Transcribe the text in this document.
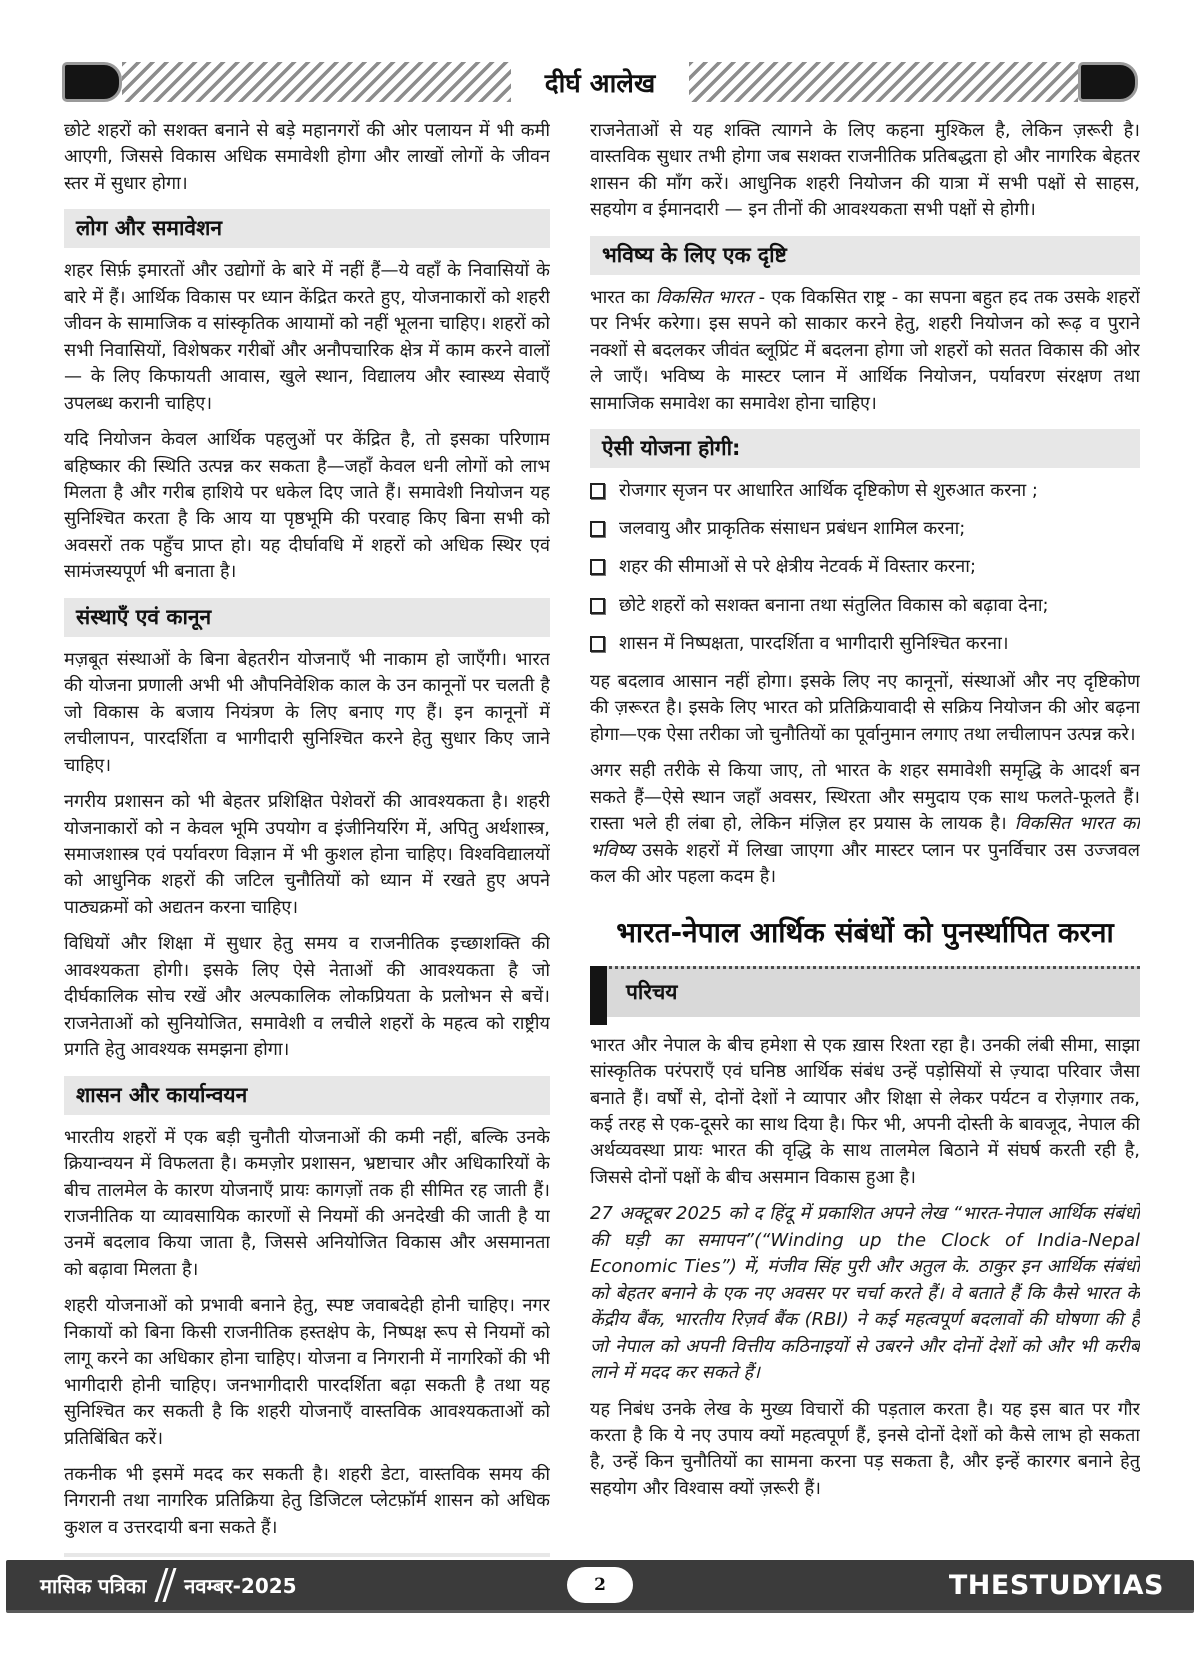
दीर्घ आलेख

छोटे शहरों को सशक्त बनाने से बड़े महानगरों की ओर पलायन में भी कमी आएगी, जिससे विकास अधिक समावेशी होगा और लाखों लोगों के जीवन स्तर में सुधार होगा।

लोग और समावेशन

शहर सिर्फ़ इमारतों और उद्योगों के बारे में नहीं हैं—ये वहाँ के निवासियों के बारे में हैं। आर्थिक विकास पर ध्यान केंद्रित करते हुए, योजनाकारों को शहरी जीवन के सामाजिक व सांस्कृतिक आयामों को नहीं भूलना चाहिए। शहरों को सभी निवासियों, विशेषकर गरीबों और अनौपचारिक क्षेत्र में काम करने वालों — के लिए किफायती आवास, खुले स्थान, विद्यालय और स्वास्थ्य सेवाएँ उपलब्ध करानी चाहिए।

यदि नियोजन केवल आर्थिक पहलुओं पर केंद्रित है, तो इसका परिणाम बहिष्कार की स्थिति उत्पन्न कर सकता है—जहाँ केवल धनी लोगों को लाभ मिलता है और गरीब हाशिये पर धकेल दिए जाते हैं। समावेशी नियोजन यह सुनिश्चित करता है कि आय या पृष्ठभूमि की परवाह किए बिना सभी को अवसरों तक पहुँच प्राप्त हो। यह दीर्घावधि में शहरों को अधिक स्थिर एवं सामंजस्यपूर्ण भी बनाता है।

संस्थाएँ एवं कानून

मज़बूत संस्थाओं के बिना बेहतरीन योजनाएँ भी नाकाम हो जाएँगी। भारत की योजना प्रणाली अभी भी औपनिवेशिक काल के उन कानूनों पर चलती है जो विकास के बजाय नियंत्रण के लिए बनाए गए हैं। इन कानूनों में लचीलापन, पारदर्शिता व भागीदारी सुनिश्चित करने हेतु सुधार किए जाने चाहिए।

नगरीय प्रशासन को भी बेहतर प्रशिक्षित पेशेवरों की आवश्यकता है। शहरी योजनाकारों को न केवल भूमि उपयोग व इंजीनियरिंग में, अपितु अर्थशास्त्र, समाजशास्त्र एवं पर्यावरण विज्ञान में भी कुशल होना चाहिए। विश्वविद्यालयों को आधुनिक शहरों की जटिल चुनौतियों को ध्यान में रखते हुए अपने पाठ्यक्रमों को अद्यतन करना चाहिए।

विधियों और शिक्षा में सुधार हेतु समय व राजनीतिक इच्छाशक्ति की आवश्यकता होगी। इसके लिए ऐसे नेताओं की आवश्यकता है जो दीर्घकालिक सोच रखें और अल्पकालिक लोकप्रियता के प्रलोभन से बचें। राजनेताओं को सुनियोजित, समावेशी व लचीले शहरों के महत्व को राष्ट्रीय प्रगति हेतु आवश्यक समझना होगा।

शासन और कार्यान्वयन

भारतीय शहरों में एक बड़ी चुनौती योजनाओं की कमी नहीं, बल्कि उनके क्रियान्वयन में विफलता है। कमज़ोर प्रशासन, भ्रष्टाचार और अधिकारियों के बीच तालमेल के कारण योजनाएँ प्रायः कागज़ों तक ही सीमित रह जाती हैं। राजनीतिक या व्यावसायिक कारणों से नियमों की अनदेखी की जाती है या उनमें बदलाव किया जाता है, जिससे अनियोजित विकास और असमानता को बढ़ावा मिलता है।

शहरी योजनाओं को प्रभावी बनाने हेतु, स्पष्ट जवाबदेही होनी चाहिए। नगर निकायों को बिना किसी राजनीतिक हस्तक्षेप के, निष्पक्ष रूप से नियमों को लागू करने का अधिकार होना चाहिए। योजना व निगरानी में नागरिकों की भी भागीदारी होनी चाहिए। जनभागीदारी पारदर्शिता बढ़ा सकती है तथा यह सुनिश्चित कर सकती है कि शहरी योजनाएँ वास्तविक आवश्यकताओं को प्रतिबिंबित करें।

तकनीक भी इसमें मदद कर सकती है। शहरी डेटा, वास्तविक समय की निगरानी तथा नागरिक प्रतिक्रिया हेतु डिजिटल प्लेटफ़ॉर्म शासन को अधिक कुशल व उत्तरदायी बना सकते हैं।

राजनेताओं से यह शक्ति त्यागने के लिए कहना मुश्किल है, लेकिन ज़रूरी है। वास्तविक सुधार तभी होगा जब सशक्त राजनीतिक प्रतिबद्धता हो और नागरिक बेहतर शासन की माँग करें। आधुनिक शहरी नियोजन की यात्रा में सभी पक्षों से साहस, सहयोग व ईमानदारी — इन तीनों की आवश्यकता सभी पक्षों से होगी।

भविष्य के लिए एक दृष्टि

भारत का विकसित भारत - एक विकसित राष्ट्र - का सपना बहुत हद तक उसके शहरों पर निर्भर करेगा। इस सपने को साकार करने हेतु, शहरी नियोजन को रूढ़ व पुराने नक्शों से बदलकर जीवंत ब्लूप्रिंट में बदलना होगा जो शहरों को सतत विकास की ओर ले जाएँ। भविष्य के मास्टर प्लान में आर्थिक नियोजन, पर्यावरण संरक्षण तथा सामाजिक समावेश का समावेश होना चाहिए।

ऐसी योजना होगी:
रोजगार सृजन पर आधारित आर्थिक दृष्टिकोण से शुरुआत करना ;
जलवायु और प्राकृतिक संसाधन प्रबंधन शामिल करना;
शहर की सीमाओं से परे क्षेत्रीय नेटवर्क में विस्तार करना;
छोटे शहरों को सशक्त बनाना तथा संतुलित विकास को बढ़ावा देना;
शासन में निष्पक्षता, पारदर्शिता व भागीदारी सुनिश्चित करना।

यह बदलाव आसान नहीं होगा। इसके लिए नए कानूनों, संस्थाओं और नए दृष्टिकोण की ज़रूरत है। इसके लिए भारत को प्रतिक्रियावादी से सक्रिय नियोजन की ओर बढ़ना होगा—एक ऐसा तरीका जो चुनौतियों का पूर्वानुमान लगाए तथा लचीलापन उत्पन्न करे।

अगर सही तरीके से किया जाए, तो भारत के शहर समावेशी समृद्धि के आदर्श बन सकते हैं—ऐसे स्थान जहाँ अवसर, स्थिरता और समुदाय एक साथ फलते-फूलते हैं। रास्ता भले ही लंबा हो, लेकिन मंज़िल हर प्रयास के लायक है। विकसित भारत का भविष्य उसके शहरों में लिखा जाएगा और मास्टर प्लान पर पुनर्विचार उस उज्जवल कल की ओर पहला कदम है।

भारत-नेपाल आर्थिक संबंधों को पुनर्स्थापित करना
परिचय

भारत और नेपाल के बीच हमेशा से एक ख़ास रिश्ता रहा है। उनकी लंबी सीमा, साझा सांस्कृतिक परंपराएँ एवं घनिष्ठ आर्थिक संबंध उन्हें पड़ोसियों से ज़्यादा परिवार जैसा बनाते हैं। वर्षों से, दोनों देशों ने व्यापार और शिक्षा से लेकर पर्यटन व रोज़गार तक, कई तरह से एक-दूसरे का साथ दिया है। फिर भी, अपनी दोस्ती के बावजूद, नेपाल की अर्थव्यवस्था प्रायः भारत की वृद्धि के साथ तालमेल बिठाने में संघर्ष करती रही है, जिससे दोनों पक्षों के बीच असमान विकास हुआ है।

27 अक्टूबर 2025 को द हिंदू में प्रकाशित अपने लेख “भारत-नेपाल आर्थिक संबंधों की घड़ी का समापन”(“Winding up the Clock of India-Nepal Economic Ties”) में, मंजीव सिंह पुरी और अतुल के. ठाकुर इन आर्थिक संबंधों को बेहतर बनाने के एक नए अवसर पर चर्चा करते हैं। वे बताते हैं कि कैसे भारत के केंद्रीय बैंक, भारतीय रिज़र्व बैंक (RBI) ने कई महत्वपूर्ण बदलावों की घोषणा की है जो नेपाल को अपनी वित्तीय कठिनाइयों से उबरने और दोनों देशों को और भी करीब लाने में मदद कर सकते हैं।

यह निबंध उनके लेख के मुख्य विचारों की पड़ताल करता है। यह इस बात पर गौर करता है कि ये नए उपाय क्यों महत्वपूर्ण हैं, इनसे दोनों देशों को कैसे लाभ हो सकता है, उन्हें किन चुनौतियों का सामना करना पड़ सकता है, और इन्हें कारगर बनाने हेतु सहयोग और विश्वास क्यों ज़रूरी हैं।

मासिक पत्रिका नवम्बर-2025	2	THESTUDYIAS
